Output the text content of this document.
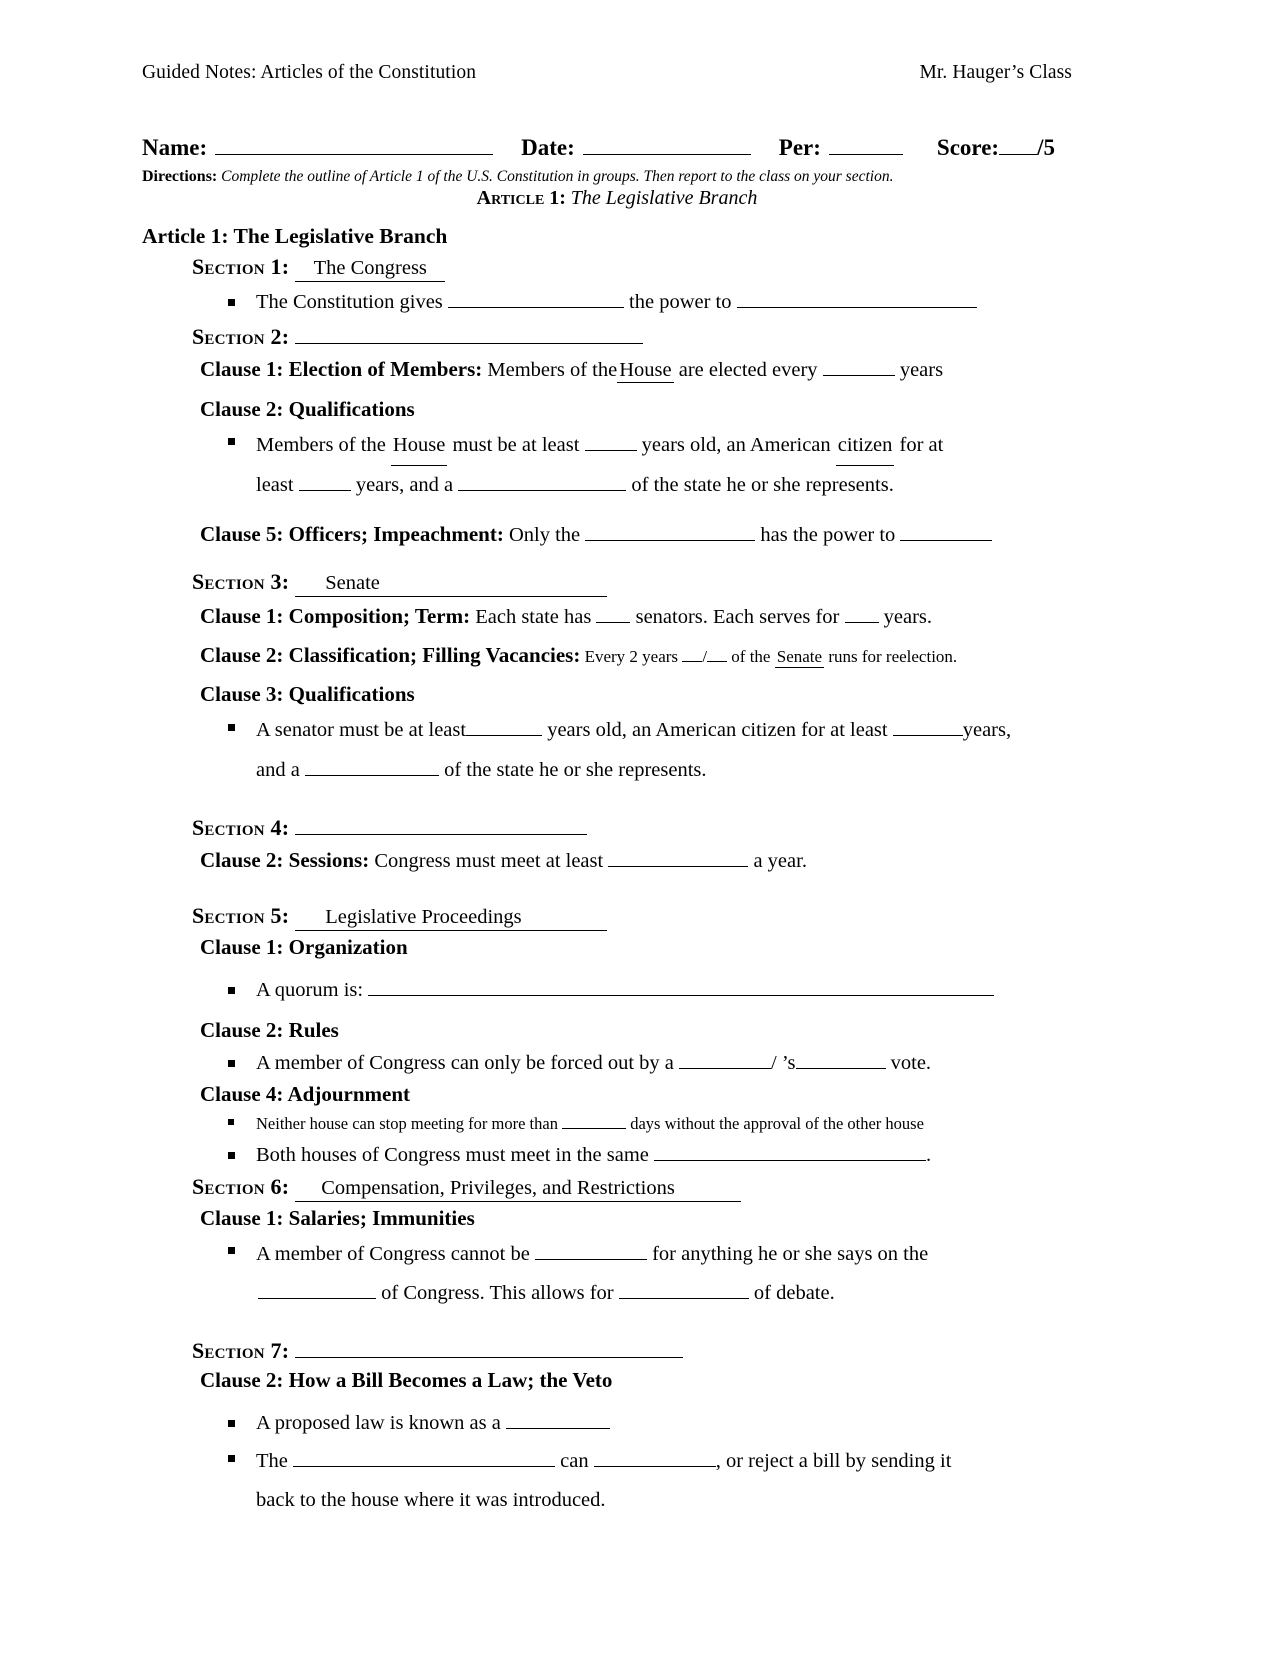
Guided Notes: Articles of the Constitution	Mr. Hauger’s Class
Name:	Date:	Per:	Score: /5
Directions: Complete the outline of Article 1 of the U.S. Constitution in groups. Then report to the class on your section.
Article 1: The Legislative Branch
Article 1: The Legislative Branch
Section 1:	The Congress
The Constitution gives	the power to
Section 2:
Clause 1: Election of Members: Members of theHouse are elected every	years
Clause 2: Qualifications
Members of the House must be at least	years old, an American citizen for at
least	years, and a	of the state he or she represents.
Clause 5: Officers; Impeachment: Only the	has the power to
Section 3:	Senate
Clause 1: Composition; Term: Each state has senators. Each serves for years.
Clause 2: Classification; Filling Vacancies: Every 2 years / of the Senate runs for reelection.
Clause 3: Qualifications
A senator must be at least	years old, an American citizen for at least	years,
and a	of the state he or she represents.
Section 4:
Clause 2: Sessions: Congress must meet at least	a year.
Section 5:	Legislative Proceedings
Clause 1: Organization
A quorum is:
Clause 2: Rules
A member of Congress can only be forced out by a	/ ’s	vote.
Clause 4: Adjournment
Neither house can stop meeting for more than	days without the approval of the other house
Both houses of Congress must meet in the same	.
Section 6:	Compensation, Privileges, and Restrictions
Clause 1: Salaries; Immunities
A member of Congress cannot be	for anything he or she says on the
of Congress. This allows for	of debate.
Section 7:
Clause 2: How a Bill Becomes a Law; the Veto
A proposed law is known as a
The	can	, or reject a bill by sending it
back to the house where it was introduced.
